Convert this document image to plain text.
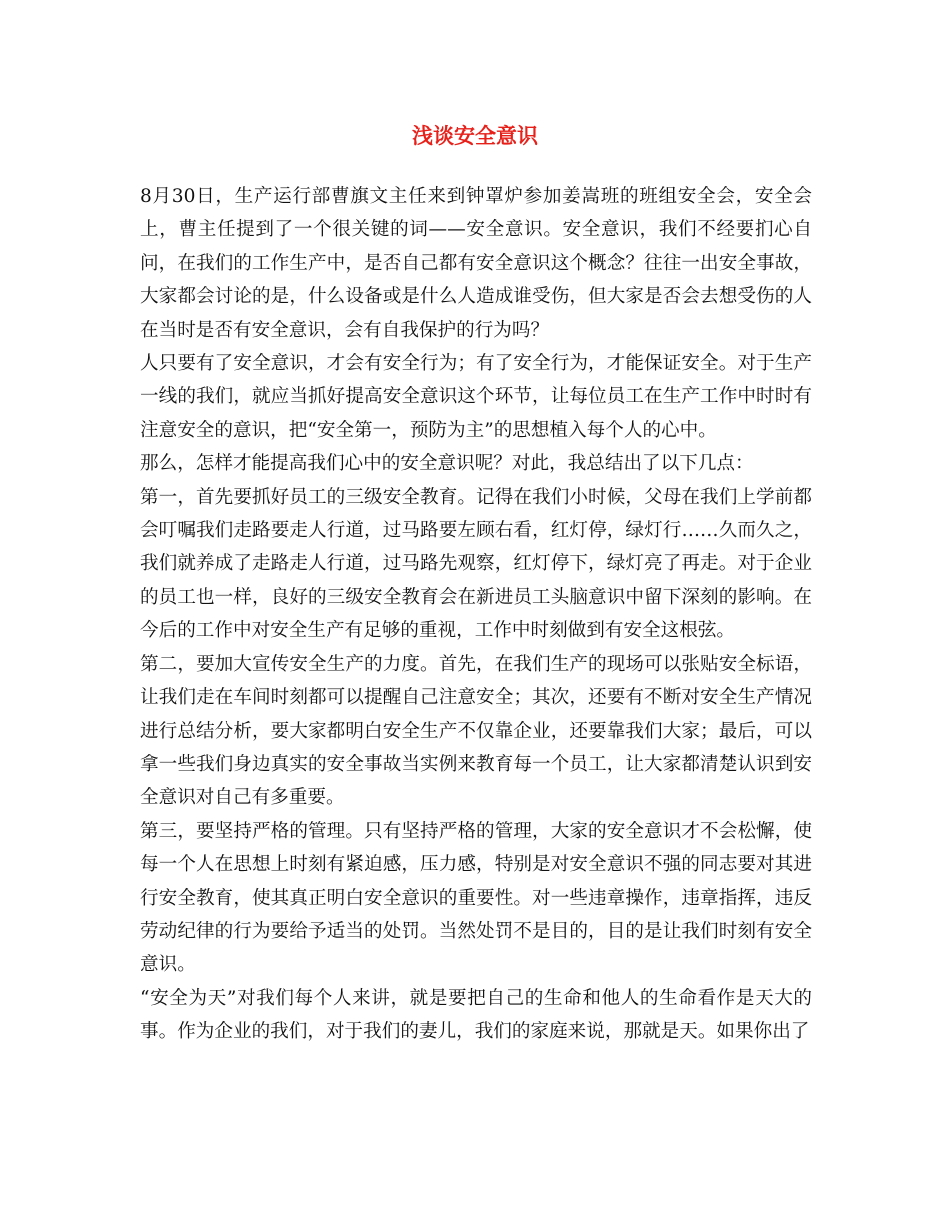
浅谈安全意识

8月30日，生产运行部曹旗文主任来到钟罩炉参加姜嵩班的班组安全会，安全会上，曹主任提到了一个很关键的词——安全意识。安全意识，我们不经要扪心自问，在我们的工作生产中，是否自己都有安全意识这个概念？往往一出安全事故，大家都会讨论的是，什么设备或是什么人造成谁受伤，但大家是否会去想受伤的人在当时是否有安全意识，会有自我保护的行为吗？

人只要有了安全意识，才会有安全行为；有了安全行为，才能保证安全。对于生产一线的我们，就应当抓好提高安全意识这个环节，让每位员工在生产工作中时时有注意安全的意识，把“安全第一，预防为主”的思想植入每个人的心中。

那么，怎样才能提高我们心中的安全意识呢？对此，我总结出了以下几点：

第一，首先要抓好员工的三级安全教育。记得在我们小时候，父母在我们上学前都会叮嘱我们走路要走人行道，过马路要左顾右看，红灯停，绿灯行……久而久之，我们就养成了走路走人行道，过马路先观察，红灯停下，绿灯亮了再走。对于企业的员工也一样，良好的三级安全教育会在新进员工头脑意识中留下深刻的影响。在今后的工作中对安全生产有足够的重视，工作中时刻做到有安全这根弦。

第二，要加大宣传安全生产的力度。首先，在我们生产的现场可以张贴安全标语，让我们走在车间时刻都可以提醒自己注意安全；其次，还要有不断对安全生产情况进行总结分析，要大家都明白安全生产不仅靠企业，还要靠我们大家；最后，可以拿一些我们身边真实的安全事故当实例来教育每一个员工，让大家都清楚认识到安全意识对自己有多重要。

第三，要坚持严格的管理。只有坚持严格的管理，大家的安全意识才不会松懈，使每一个人在思想上时刻有紧迫感，压力感，特别是对安全意识不强的同志要对其进行安全教育，使其真正明白安全意识的重要性。对一些违章操作，违章指挥，违反劳动纪律的行为要给予适当的处罚。当然处罚不是目的，目的是让我们时刻有安全意识。

“安全为天”对我们每个人来讲，就是要把自己的生命和他人的生命看作是天大的事。作为企业的我们，对于我们的妻儿，我们的家庭来说，那就是天。如果你出了
